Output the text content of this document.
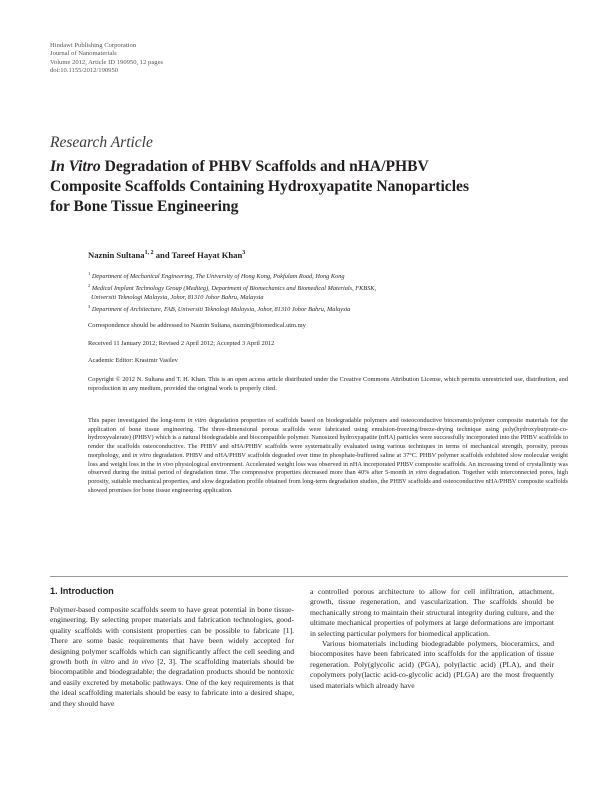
Hindawi Publishing Corporation
Journal of Nanomaterials
Volume 2012, Article ID 190950, 12 pages
doi:10.1155/2012/190950
Research Article
In Vitro Degradation of PHBV Scaffolds and nHA/PHBV
Composite Scaffolds Containing Hydroxyapatite Nanoparticles
for Bone Tissue Engineering
Naznin Sultana$^{1, 2}$ and Tareef Hayat Khan$^3$
$^1$ Department of Mechanical Engineering, The University of Hong Kong, Pokfulam Road, Hong Kong
$^2$ Medical Implant Technology Group (Mediteg), Department of Biomechanics and Biomedical Materials, FKBSK,
Universiti Teknologi Malaysia, Johor, 81310 Johor Bahru, Malaysia
$^3$ Department of Architecture, FAB, Universiti Teknologi Malaysia, Johor, 81310 Johor Bahru, Malaysia
Correspondence should be addressed to Naznin Sultana, naznin@biomedical.utm.my
Received 11 January 2012; Revised 2 April 2012; Accepted 3 April 2012
Academic Editor: Krasimir Vasilev
Copyright © 2012 N. Sultana and T. H. Khan. This is an open access article distributed under the Creative Commons Attribution License, which permits unrestricted use, distribution, and reproduction in any medium, provided the original work is properly cited.
This paper investigated the long-term in vitro degradation properties of scaffolds based on biodegradable polymers and osteoconductive bioceramic/polymer composite materials for the application of bone tissue engineering. The three-dimensional porous scaffolds were fabricated using emulsion-freezing/freeze-drying technique using poly(hydroxybutyrate-co-hydroxyvalerate) (PHBV) which is a natural biodegradable and biocompatible polymer. Nanosized hydroxyapatite (nHA) particles were successfully incorporated into the PHBV scaffolds to render the scaffolds osteoconductive. The PHBV and nHA/PHBV scaffolds were systematically evaluated using various techniques in terms of mechanical strength, porosity, porous morphology, and in vitro degradation. PHBV and nHA/PHBV scaffolds degraded over time in phosphate-buffered saline at 37°C. PHBV polymer scaffolds exhibited slow molecular weight loss and weight loss in the in vivo physiological environment. Accelerated weight loss was observed in nHA incorporated PHBV composite scaffolds. An increasing trend of crystallinity was observed during the initial period of degradation time. The compressive properties decreased more than 40% after 5-month in vitro degradation. Together with interconnected pores, high porosity, suitable mechanical properties, and slow degradation profile obtained from long-term degradation studies, the PHBV scaffolds and osteoconductive nHA/PHBV composite scaffolds showed promises for bone tissue engineering application.
1. Introduction

Polymer-based composite scaffolds seem to have great potential in bone tissue-engineering. By selecting proper materials and fabrication technologies, good-quality scaffolds with consistent properties can be possible to fabricate [1]. There are some basic requirements that have been widely accepted for designing polymer scaffolds which can significantly affect the cell seeding and growth both in vitro and in vivo [2, 3]. The scaffolding materials should be biocompatible and biodegradable; the degradation products should be nontoxic and easily excreted by metabolic pathways. One of the key requirements is that the ideal scaffolding materials should be easy to fabricate into a desired shape, and they should have

a controlled porous architecture to allow for cell infiltration, attachment, growth, tissue regeneration, and vascularization. The scaffolds should be mechanically strong to maintain their structural integrity during culture, and the ultimate mechanical properties of polymers at large deformations are important in selecting particular polymers for biomedical application.

Various biomaterials including biodegradable polymers, bioceramics, and biocomposites have been fabricated into scaffolds for the application of tissue regeneration. Poly(glycolic acid) (PGA), poly(lactic acid) (PLA), and their copolymers poly(lactic acid-co-glycolic acid) (PLGA) are the most frequently used materials which already have
